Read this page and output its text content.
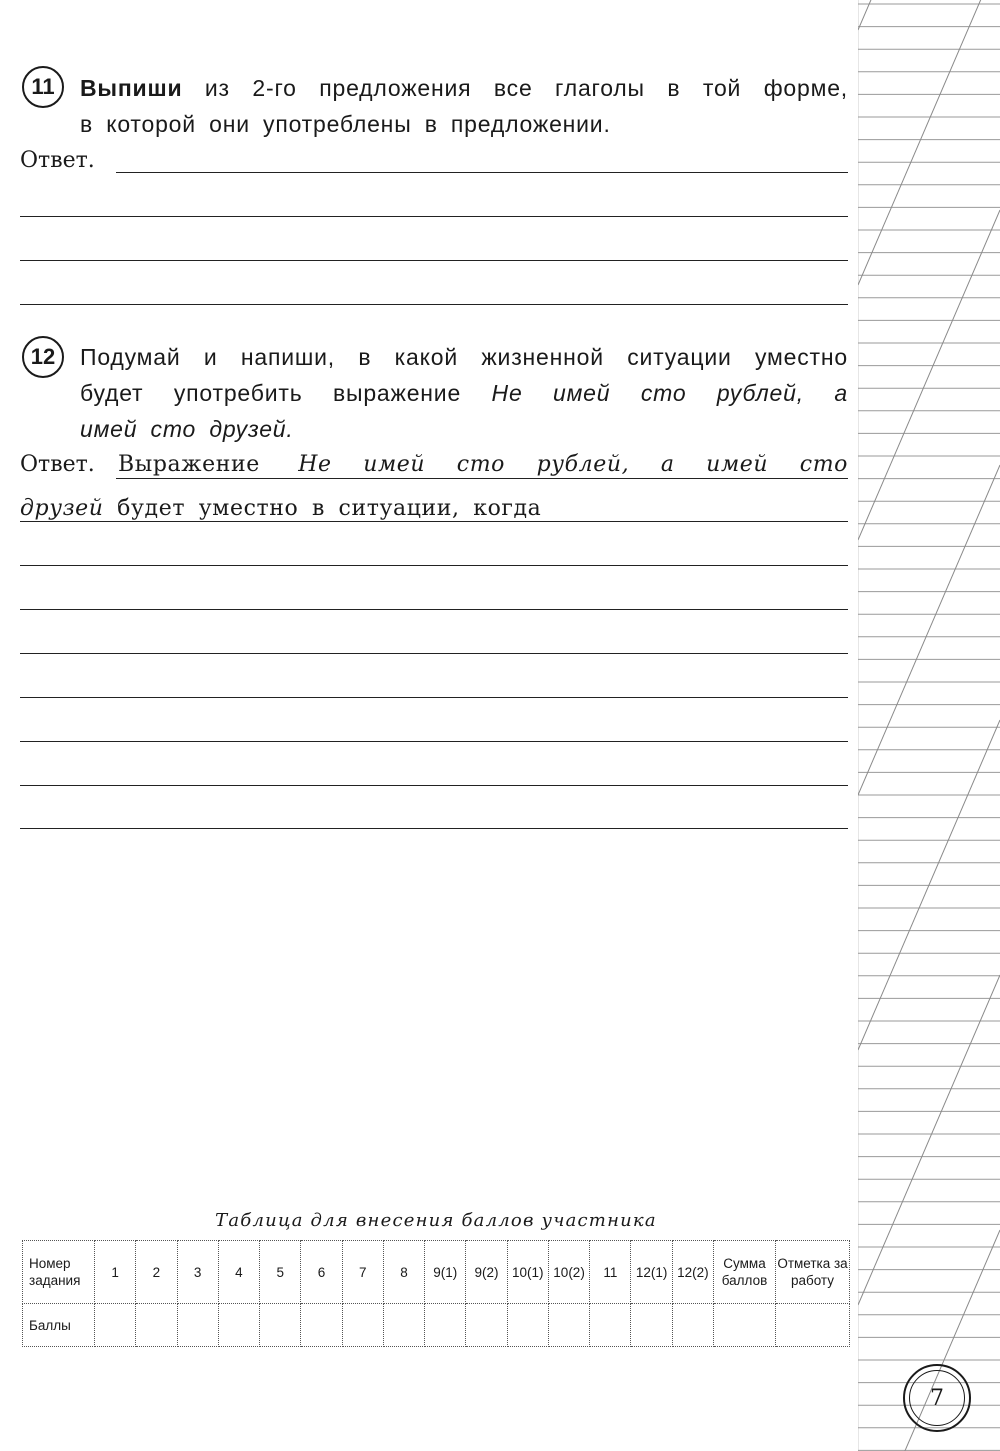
11 Выпиши из 2-го предложения все глаголы в той форме,
в которой они употреблены в предложении.
Ответ.
12 Подумай и напиши, в какой жизненной ситуации уместно
будет употребить выражение Не имей сто рублей, а
имей сто друзей.
Ответ. Выражение Не имей сто рублей, а имей сто
друзей будет уместно в ситуации, когда
Таблица для внесения баллов участника
Номер задания	1	2	3	4	5	6	7	8	9(1)	9(2)	10(1)	10(2)	11	12(1)	12(2)	Сумма баллов	Отметка за работу
Баллы																	
7
